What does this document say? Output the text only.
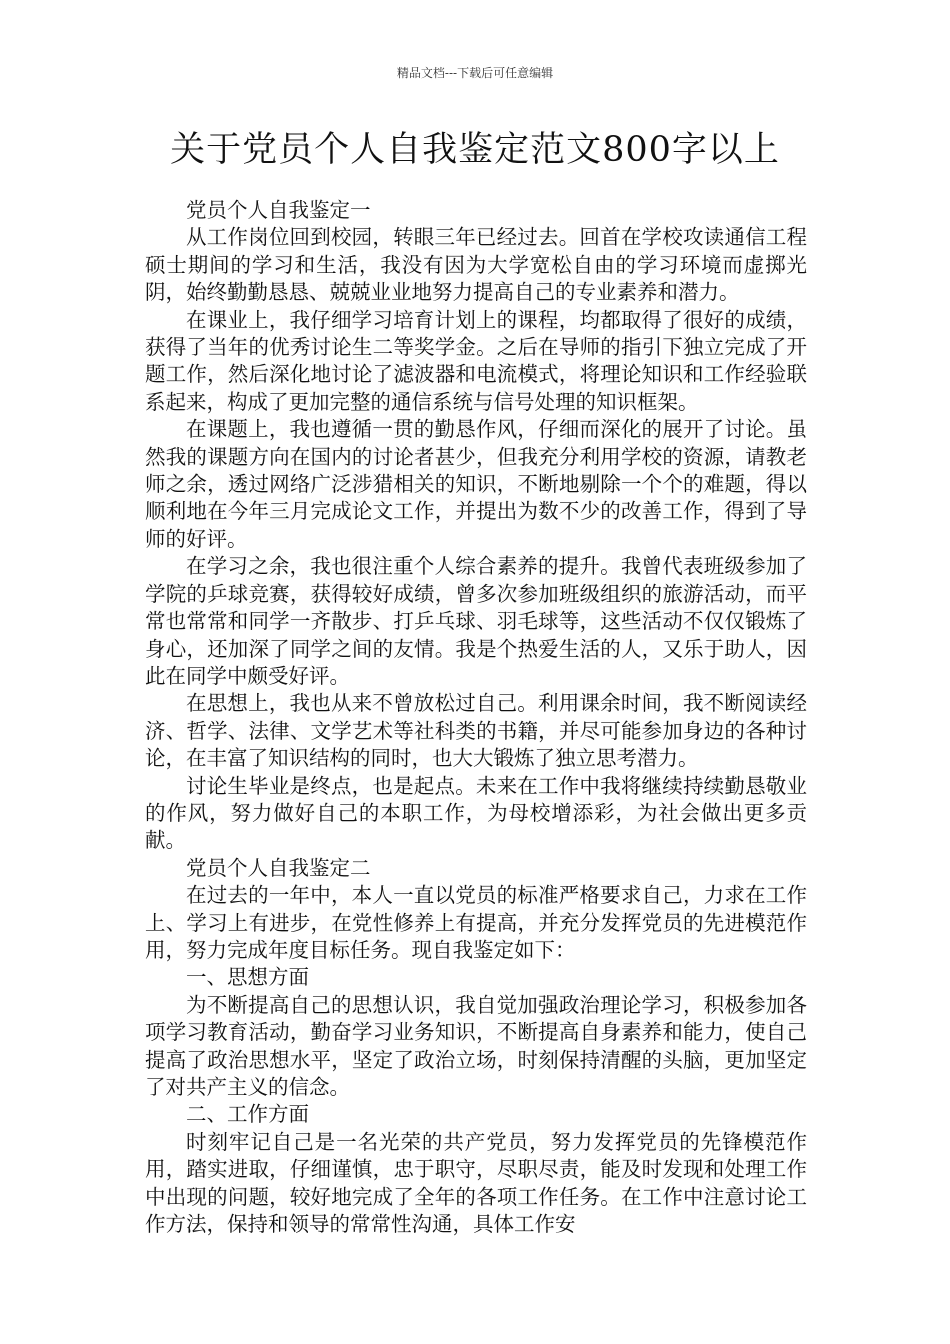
精品文档---下载后可任意编辑
关于党员个人自我鉴定范文800字以上

党员个人自我鉴定一

从工作岗位回到校园，转眼三年已经过去。回首在学校攻读通信工程硕士期间的学习和生活，我没有因为大学宽松自由的学习环境而虚掷光阴，始终勤勤恳恳、兢兢业业地努力提高自己的专业素养和潜力。

在课业上，我仔细学习培育计划上的课程，均都取得了很好的成绩，获得了当年的优秀讨论生二等奖学金。之后在导师的指引下独立完成了开题工作，然后深化地讨论了滤波器和电流模式，将理论知识和工作经验联系起来，构成了更加完整的通信系统与信号处理的知识框架。

在课题上，我也遵循一贯的勤恳作风，仔细而深化的展开了讨论。虽然我的课题方向在国内的讨论者甚少，但我充分利用学校的资源，请教老师之余，透过网络广泛涉猎相关的知识，不断地剔除一个个的难题，得以顺利地在今年三月完成论文工作，并提出为数不少的改善工作，得到了导师的好评。

在学习之余，我也很注重个人综合素养的提升。我曾代表班级参加了学院的乒球竞赛，获得较好成绩，曾多次参加班级组织的旅游活动，而平常也常常和同学一齐散步、打乒乓球、羽毛球等，这些活动不仅仅锻炼了身心，还加深了同学之间的友情。我是个热爱生活的人，又乐于助人，因此在同学中颇受好评。

在思想上，我也从来不曾放松过自己。利用课余时间，我不断阅读经济、哲学、法律、文学艺术等社科类的书籍，并尽可能参加身边的各种讨论，在丰富了知识结构的同时，也大大锻炼了独立思考潜力。

讨论生毕业是终点，也是起点。未来在工作中我将继续持续勤恳敬业的作风，努力做好自己的本职工作，为母校增添彩，为社会做出更多贡献。

党员个人自我鉴定二

在过去的一年中，本人一直以党员的标准严格要求自己，力求在工作上、学习上有进步，在党性修养上有提高，并充分发挥党员的先进模范作用，努力完成年度目标任务。现自我鉴定如下：

一、思想方面

为不断提高自己的思想认识，我自觉加强政治理论学习，积极参加各项学习教育活动，勤奋学习业务知识，不断提高自身素养和能力，使自己提高了政治思想水平，坚定了政治立场，时刻保持清醒的头脑，更加坚定了对共产主义的信念。

二、工作方面

时刻牢记自己是一名光荣的共产党员，努力发挥党员的先锋模范作用，踏实进取，仔细谨慎，忠于职守，尽职尽责，能及时发现和处理工作中出现的问题，较好地完成了全年的各项工作任务。在工作中注意讨论工作方法，保持和领导的常常性沟通，具体工作安
